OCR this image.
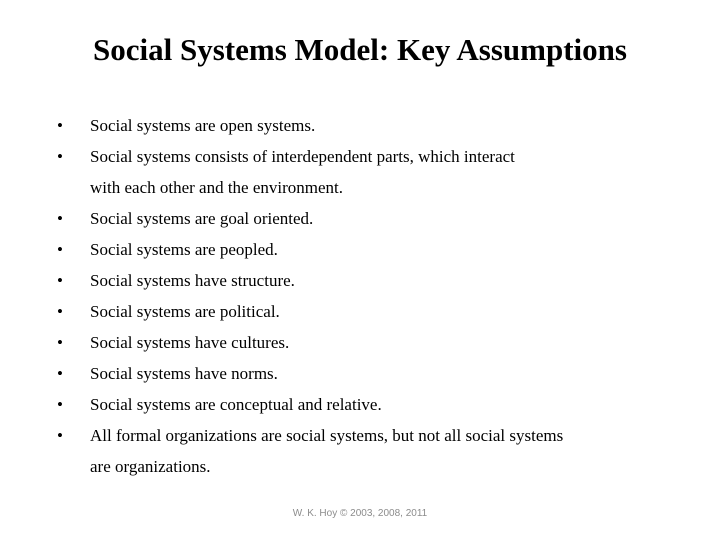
Social Systems Model: Key Assumptions
• Social systems are open systems.
• Social systems consists of interdependent parts, which interact
with each other and the environment.
• Social systems are goal oriented.
• Social systems are peopled.
• Social systems have structure.
• Social systems are political.
• Social systems have cultures.
• Social systems have norms.
• Social systems are conceptual and relative.
• All formal organizations are social systems, but not all social systems
are organizations.
W. K. Hoy © 2003, 2008, 2011
